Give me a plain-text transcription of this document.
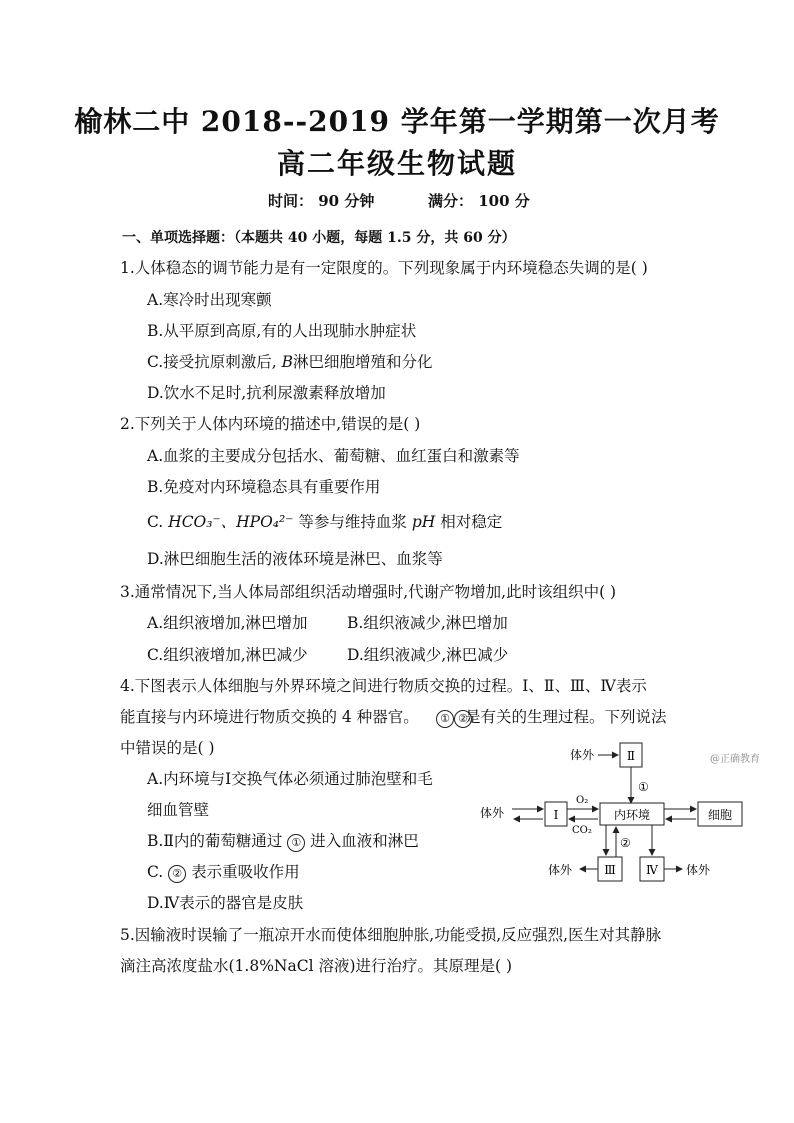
榆林二中 2018--2019 学年第一学期第一次月考
高二年级生物试题
时间： 90 分钟	满分： 100 分
一、单项选择题：（本题共 40 小题，每题 1.5 分，共 60 分）
1.人体稳态的调节能力是有一定限度的。下列现象属于内环境稳态失调的是( )
A.寒冷时出现寒颤
B.从平原到高原,有的人出现肺水肿症状
C.接受抗原刺激后, B淋巴细胞增殖和分化
D.饮水不足时,抗利尿激素释放增加
2.下列关于人体内环境的描述中,错误的是( )
A.血浆的主要成分包括水、葡萄糖、血红蛋白和激素等
B.免疫对内环境稳态具有重要作用
C. HCO₃⁻、HPO₄²⁻ 等参与维持血浆 pH 相对稳定
D.淋巴细胞生活的液体环境是淋巴、血浆等
3.通常情况下,当人体局部组织活动增强时,代谢产物增加,此时该组织中( )
A.组织液增加,淋巴增加	B.组织液减少,淋巴增加
C.组织液增加,淋巴减少	D.组织液减少,淋巴减少
4.下图表示人体细胞与外界环境之间进行物质交换的过程。Ⅰ、Ⅱ、Ⅲ、Ⅳ表示
能直接与内环境进行物质交换的 4 种器官。	① ②
是有关的生理过程。下列说法
中错误的是( )
A.内环境与Ⅰ交换气体必须通过肺泡壁和毛
细血管壁
B.Ⅱ内的葡萄糖通过 ① 进入血液和淋巴
C. ② 表示重吸收作用
D.Ⅳ表示的器官是皮肤
5.因输液时误输了一瓶凉开水而使体细胞肿胀,功能受损,反应强烈,医生对其静脉
滴注高浓度盐水(1.8%NaCl 溶液)进行治疗。其原理是( )
体外	Ⅱ
①
@正确教育
体外	Ⅰ
O₂
CO₂
内环境	细胞
②
Ⅲ
体外	Ⅳ 体外
